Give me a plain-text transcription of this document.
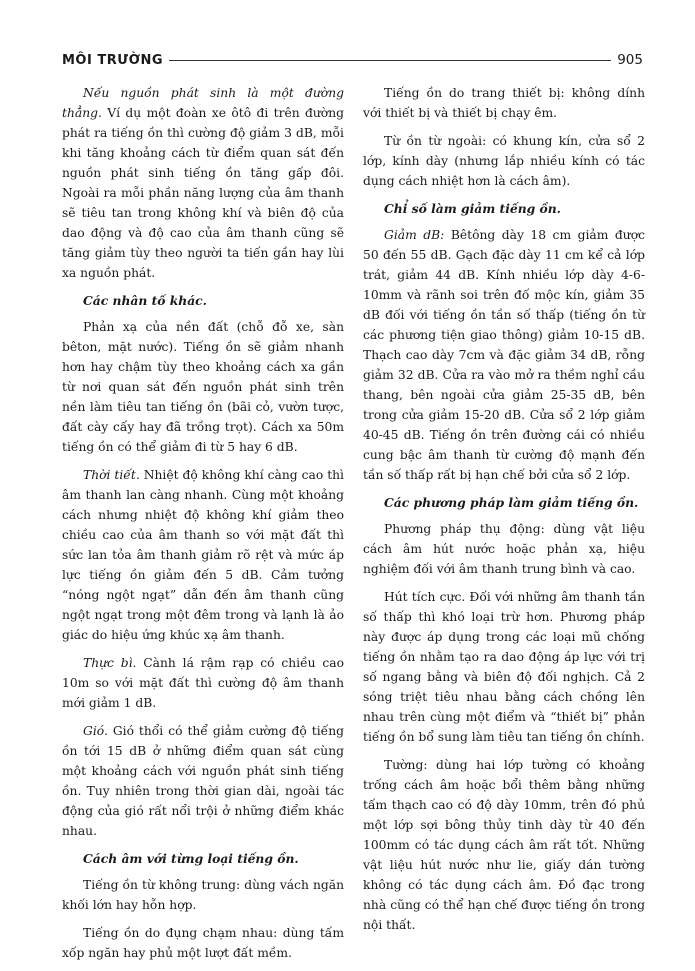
MÔI TRƯỜNG	905
Nếu nguồn phát sinh là một đường thẳng. Ví dụ một đoàn xe ôtô đi trên đường phát ra tiếng ồn thì cường độ giảm 3 dB, mỗi khi tăng khoảng cách từ điểm quan sát đến nguồn phát sinh tiếng ồn tăng gấp đôi. Ngoài ra mỗi phần năng lượng của âm thanh sẽ tiêu tan trong không khí và biên độ của dao động và độ cao của âm thanh cũng sẽ tăng giảm tùy theo người ta tiến gần hay lùi xa nguồn phát.
Các nhân tố khác.
Phản xạ của nền đất (chỗ đỗ xe, sàn bêton, mặt nước). Tiếng ồn sẽ giảm nhanh hơn hay chậm tùy theo khoảng cách xa gần từ nơi quan sát đến nguồn phát sinh trên nền làm tiêu tan tiếng ồn (bãi cỏ, vườn tược, đất cày cấy hay đã trồng trọt). Cách xa 50m tiếng ồn có thể giảm đi từ 5 hay 6 dB.
Thời tiết. Nhiệt độ không khí càng cao thì âm thanh lan càng nhanh. Cùng một khoảng cách nhưng nhiệt độ không khí giảm theo chiều cao của âm thanh so với mặt đất thì sức lan tỏa âm thanh giảm rõ rệt và mức áp lực tiếng ồn giảm đến 5 dB. Cảm tưởng “nóng ngột ngạt” dẫn đến âm thanh cũng ngột ngạt trong một đêm trong và lạnh là ảo giác do hiệu ứng khúc xạ âm thanh.
Thực bì. Cành lá rậm rạp có chiều cao 10m so với mặt đất thì cường độ âm thanh mới giảm 1 dB.
Gió. Gió thổi có thể giảm cường độ tiếng ồn tới 15 dB ở những điểm quan sát cùng một khoảng cách với nguồn phát sinh tiếng ồn. Tuy nhiên trong thời gian dài, ngoài tác động của gió rất nổi trội ở những điểm khác nhau.
Cách âm với từng loại tiếng ồn.
Tiếng ồn từ không trung: dùng vách ngăn khối lớn hay hỗn hợp.
Tiếng ồn do đụng chạm nhau: dùng tấm xốp ngăn hay phủ một lượt đất mềm.
Tiếng ồn do trang thiết bị: không dính với thiết bị và thiết bị chạy êm.
Từ ồn từ ngoài: có khung kín, cửa sổ 2 lớp, kính dày (nhưng lắp nhiều kính có tác dụng cách nhiệt hơn là cách âm).
Chỉ số làm giảm tiếng ồn.
Giảm dB: Bêtông dày 18 cm giảm được 50 đến 55 dB. Gạch đặc dày 11 cm kể cả lớp trát, giảm 44 dB. Kính nhiều lớp dày 4-6-10mm và rãnh soi trên đố mộc kín, giảm 35 dB đối với tiếng ồn tần số thấp (tiếng ồn từ các phương tiện giao thông) giảm 10-15 dB. Thạch cao dày 7cm và đặc giảm 34 dB, rỗng giảm 32 dB. Cửa ra vào mở ra thềm nghỉ cầu thang, bên ngoài cửa giảm 25-35 dB, bên trong cửa giảm 15-20 dB. Cửa sổ 2 lớp giảm 40-45 dB. Tiếng ồn trên đường cái có nhiều cung bậc âm thanh từ cường độ mạnh đến tần số thấp rất bị hạn chế bởi cửa sổ 2 lớp.
Các phương pháp làm giảm tiếng ồn.
Phương pháp thụ động: dùng vật liệu cách âm hút nước hoặc phản xạ, hiệu nghiệm đối với âm thanh trung bình và cao.
Hút tích cực. Đối với những âm thanh tần số thấp thì khó loại trừ hơn. Phương pháp này được áp dụng trong các loại mũ chống tiếng ồn nhằm tạo ra dao động áp lực với trị số ngang bằng và biên độ đối nghịch. Cả 2 sóng triệt tiêu nhau bằng cách chồng lên nhau trên cùng một điểm và “thiết bị” phản tiếng ồn bổ sung làm tiêu tan tiếng ồn chính.
Tường: dùng hai lớp tường có khoảng trống cách âm hoặc bổi thêm bằng những tấm thạch cao có độ dày 10mm, trên đó phủ một lớp sợi bông thủy tinh dày từ 40 đến 100mm có tác dụng cách âm rất tốt. Những vật liệu hút nước như lie, giấy dán tường không có tác dụng cách âm. Đồ đạc trong nhà cũng có thể hạn chế được tiếng ồn trong nội thất.
